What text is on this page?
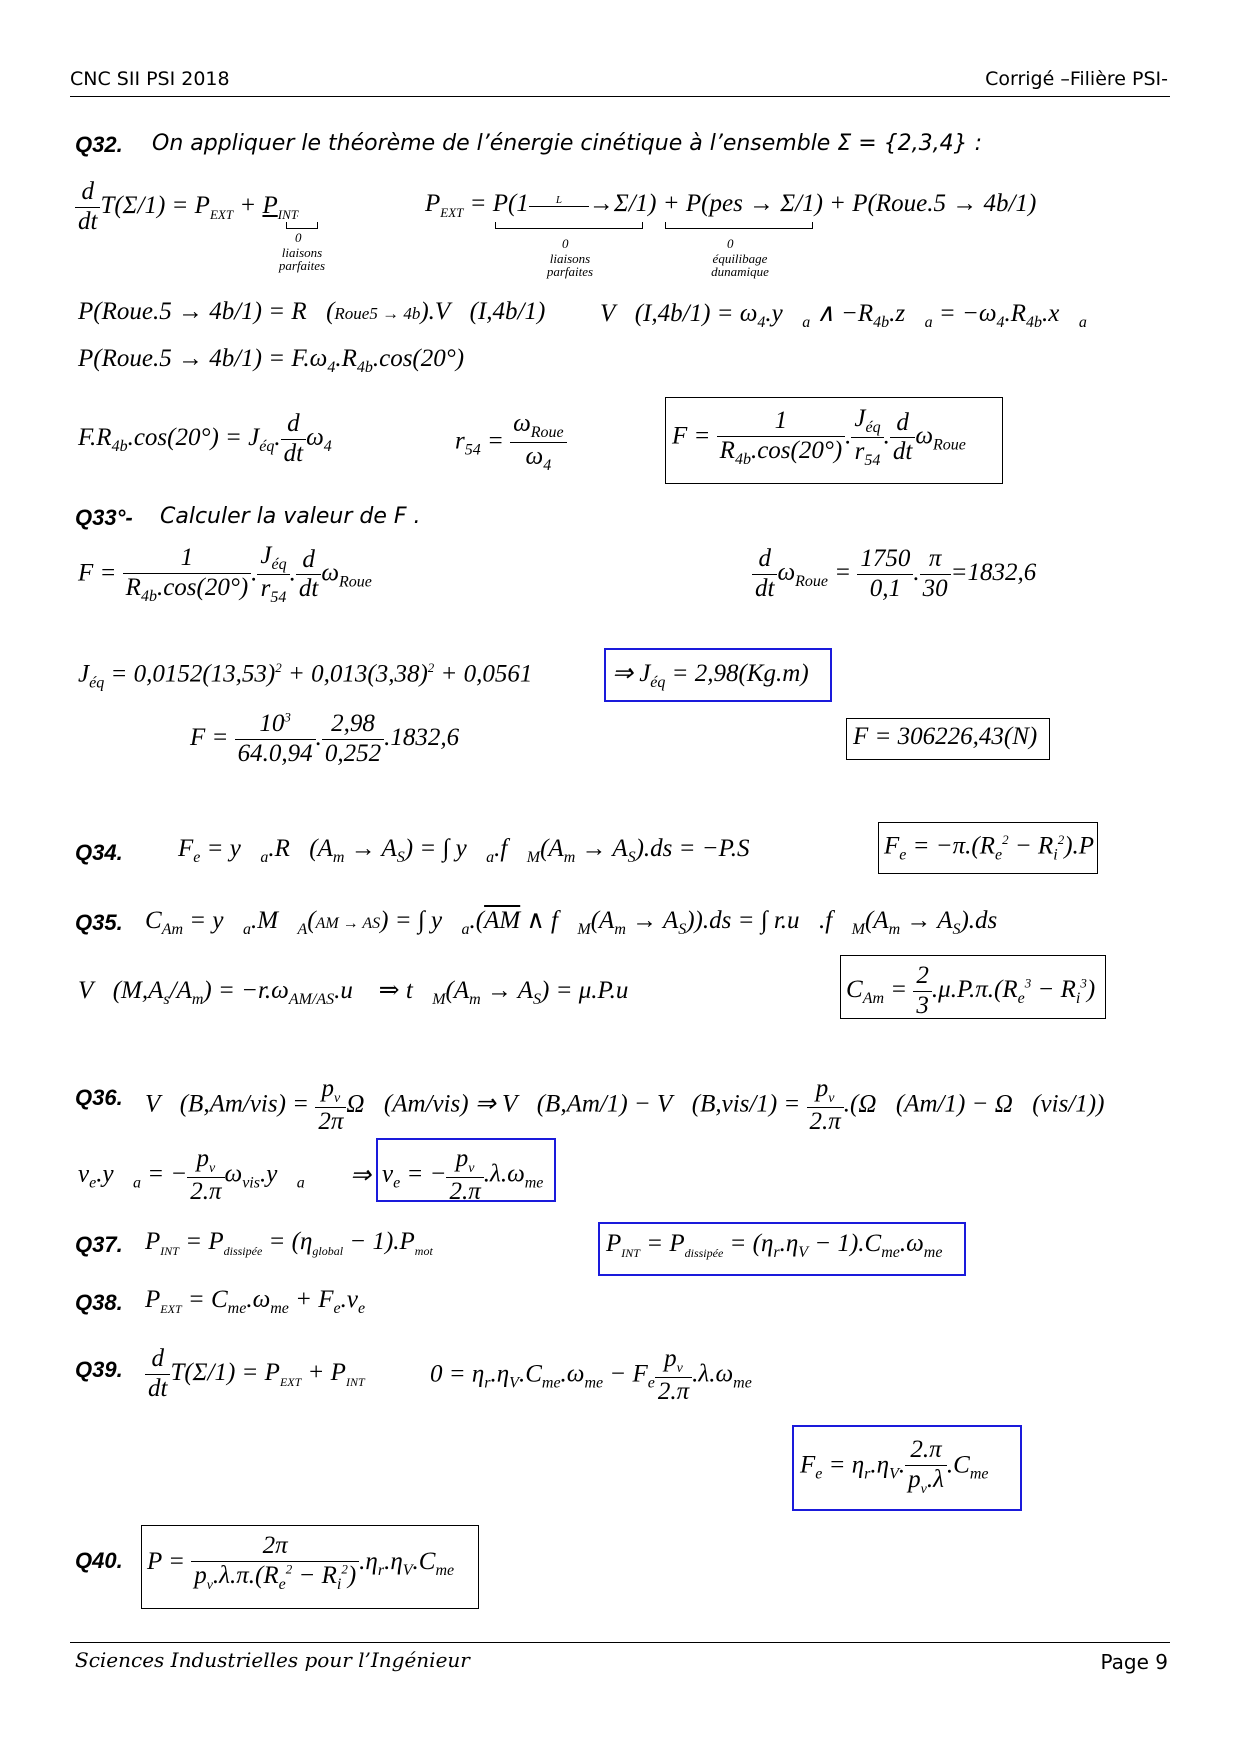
CNC SII PSI 2018	Corrigé –Filière PSI-
Q32. On appliquer le théorème de l’énergie cinétique à l’ensemble Σ = {2,3,4} :
$\frac{d}{dt} T(\Sigma/1) = P_{EXT} + P_{INT}$
0
liaisons parfaites
$P_{EXT} = P(1$ L →Σ/1) + P(pes → Σ/1) + P(Roue.5 → 4b/1)
0
liaisons parfaites
0
équilibage dunamique
P(Roue.5 → 4b/1) = R⃗(Roue5 → 4b).V⃗(I,4b/1) V⃗(I,4b/1) = $\omega_4.y⃗_a$ ∧ $-R_{4b}.z⃗_a$ = $-\omega_4.R_{4b}.x⃗_a$
P(Roue.5 → $4b/1) = F.\omega_4.R_{4b}.\cos(20^\circ)$
$F.R_{4b}.\cos(20^\circ) = J_{éq}$. $\frac{d}{dt} \omega_4$	$r_{54} = \frac{\omega_{Roue}}{\omega_4}$	$F = \frac{1}{R_{4b}.\cos(20^\circ)}$ . $\frac{J_{éq}}{r_{54}}$ . $\frac{d}{dt} \omega_{Roue}$
Q33°- Calculer la valeur de F .
$F = \frac{1}{R_{4b}.\cos(20^\circ)}$ . $\frac{J_{éq}}{r_{54}}$ . $\frac{d}{dt} \omega_{Roue}$	$\frac{d}{dt} \omega_{Roue} = \frac{1750}{0,1}$ . $\frac{\pi}{30} =1832,6$
$J_{éq} = 0,0152(13,53)^2 + 0,013(3,38)^2 + 0,0561$	⇒ $J_{éq} = 2,98(Kg.m)$
$F = \frac{10^3}{64.0,94}$ . $\frac{2,98}{0,252} .1832,6$	F = 306226,43(N)
Q34. $F_e$ = $y⃗_a.R⃗(A_m \to A_S)$ = ∫ $y⃗_a.f⃗_M(A_m \to A_S).ds = -P.S$	$F_e = -\pi.(R_e^2 - R_i^2).P$
Q35. $C_{Am}$ = $y⃗_a.M⃗_A(AM \to AS)$ = ∫ $y⃗_a.(\overline{AM}$ ∧ $f⃗_M(A_m \to A_S)).ds$ = ∫ $r.u⃗.f⃗_M(A_m \to A_S).ds$
$V⃗(M,A_s/A_m)$ = $-r.\omega_{AM/AS}.u⃗$ ⇒ $t⃗_M(A_m \to A_S)$ = μ.P.u⃗	$C_{Am} = \frac{2}{3} .\mu.P.\pi.(R_e^3 - R_i^3)$
Q36. V⃗(B,Am/vis) = $\frac{p_v}{2\pi}$ Ω⃗(Am/vis) ⇒ V⃗(B,Am/1) − V⃗(B,vis/1) = $\frac{p_v}{2.\pi}$ .(Ω⃗(Am/1) − Ω⃗(vis/1))
$v_e.y⃗_a$ = − $\frac{p_v}{2.\pi}$ $\omega_{vis}.y⃗_a$ ⇒ $v_e$ = − $\frac{p_v}{2.\pi} .\lambda.\omega_{me}$
Q37. $P_{INT} = P_{dissipée} = (\eta_{global} - 1).P_{mot}$	$P_{INT} = P_{dissipée} = (\eta_r.\eta_V - 1).C_{me}.\omega_{me}$
Q38. $P_{EXT} = C_{me}.\omega_{me} + F_e.v_e$
Q39. $\frac{d}{dt} T(\Sigma/1) = P_{EXT} + P_{INT}$	$0 = \eta_r.\eta_V.C_{me}.\omega_{me} - F_e \frac{p_v}{2.\pi} .\lambda.\omega_{me}$
$F_e = \eta_r.\eta_V$. $\frac{2.\pi}{p_v.\lambda} .C_{me}$
Q40. $P = \frac{2\pi}{p_v.\lambda.\pi.(R_e^2 - R_i^2)} .\eta_r.\eta_V.C_{me}$
Sciences Industrielles pour l’Ingénieur	Page 9
